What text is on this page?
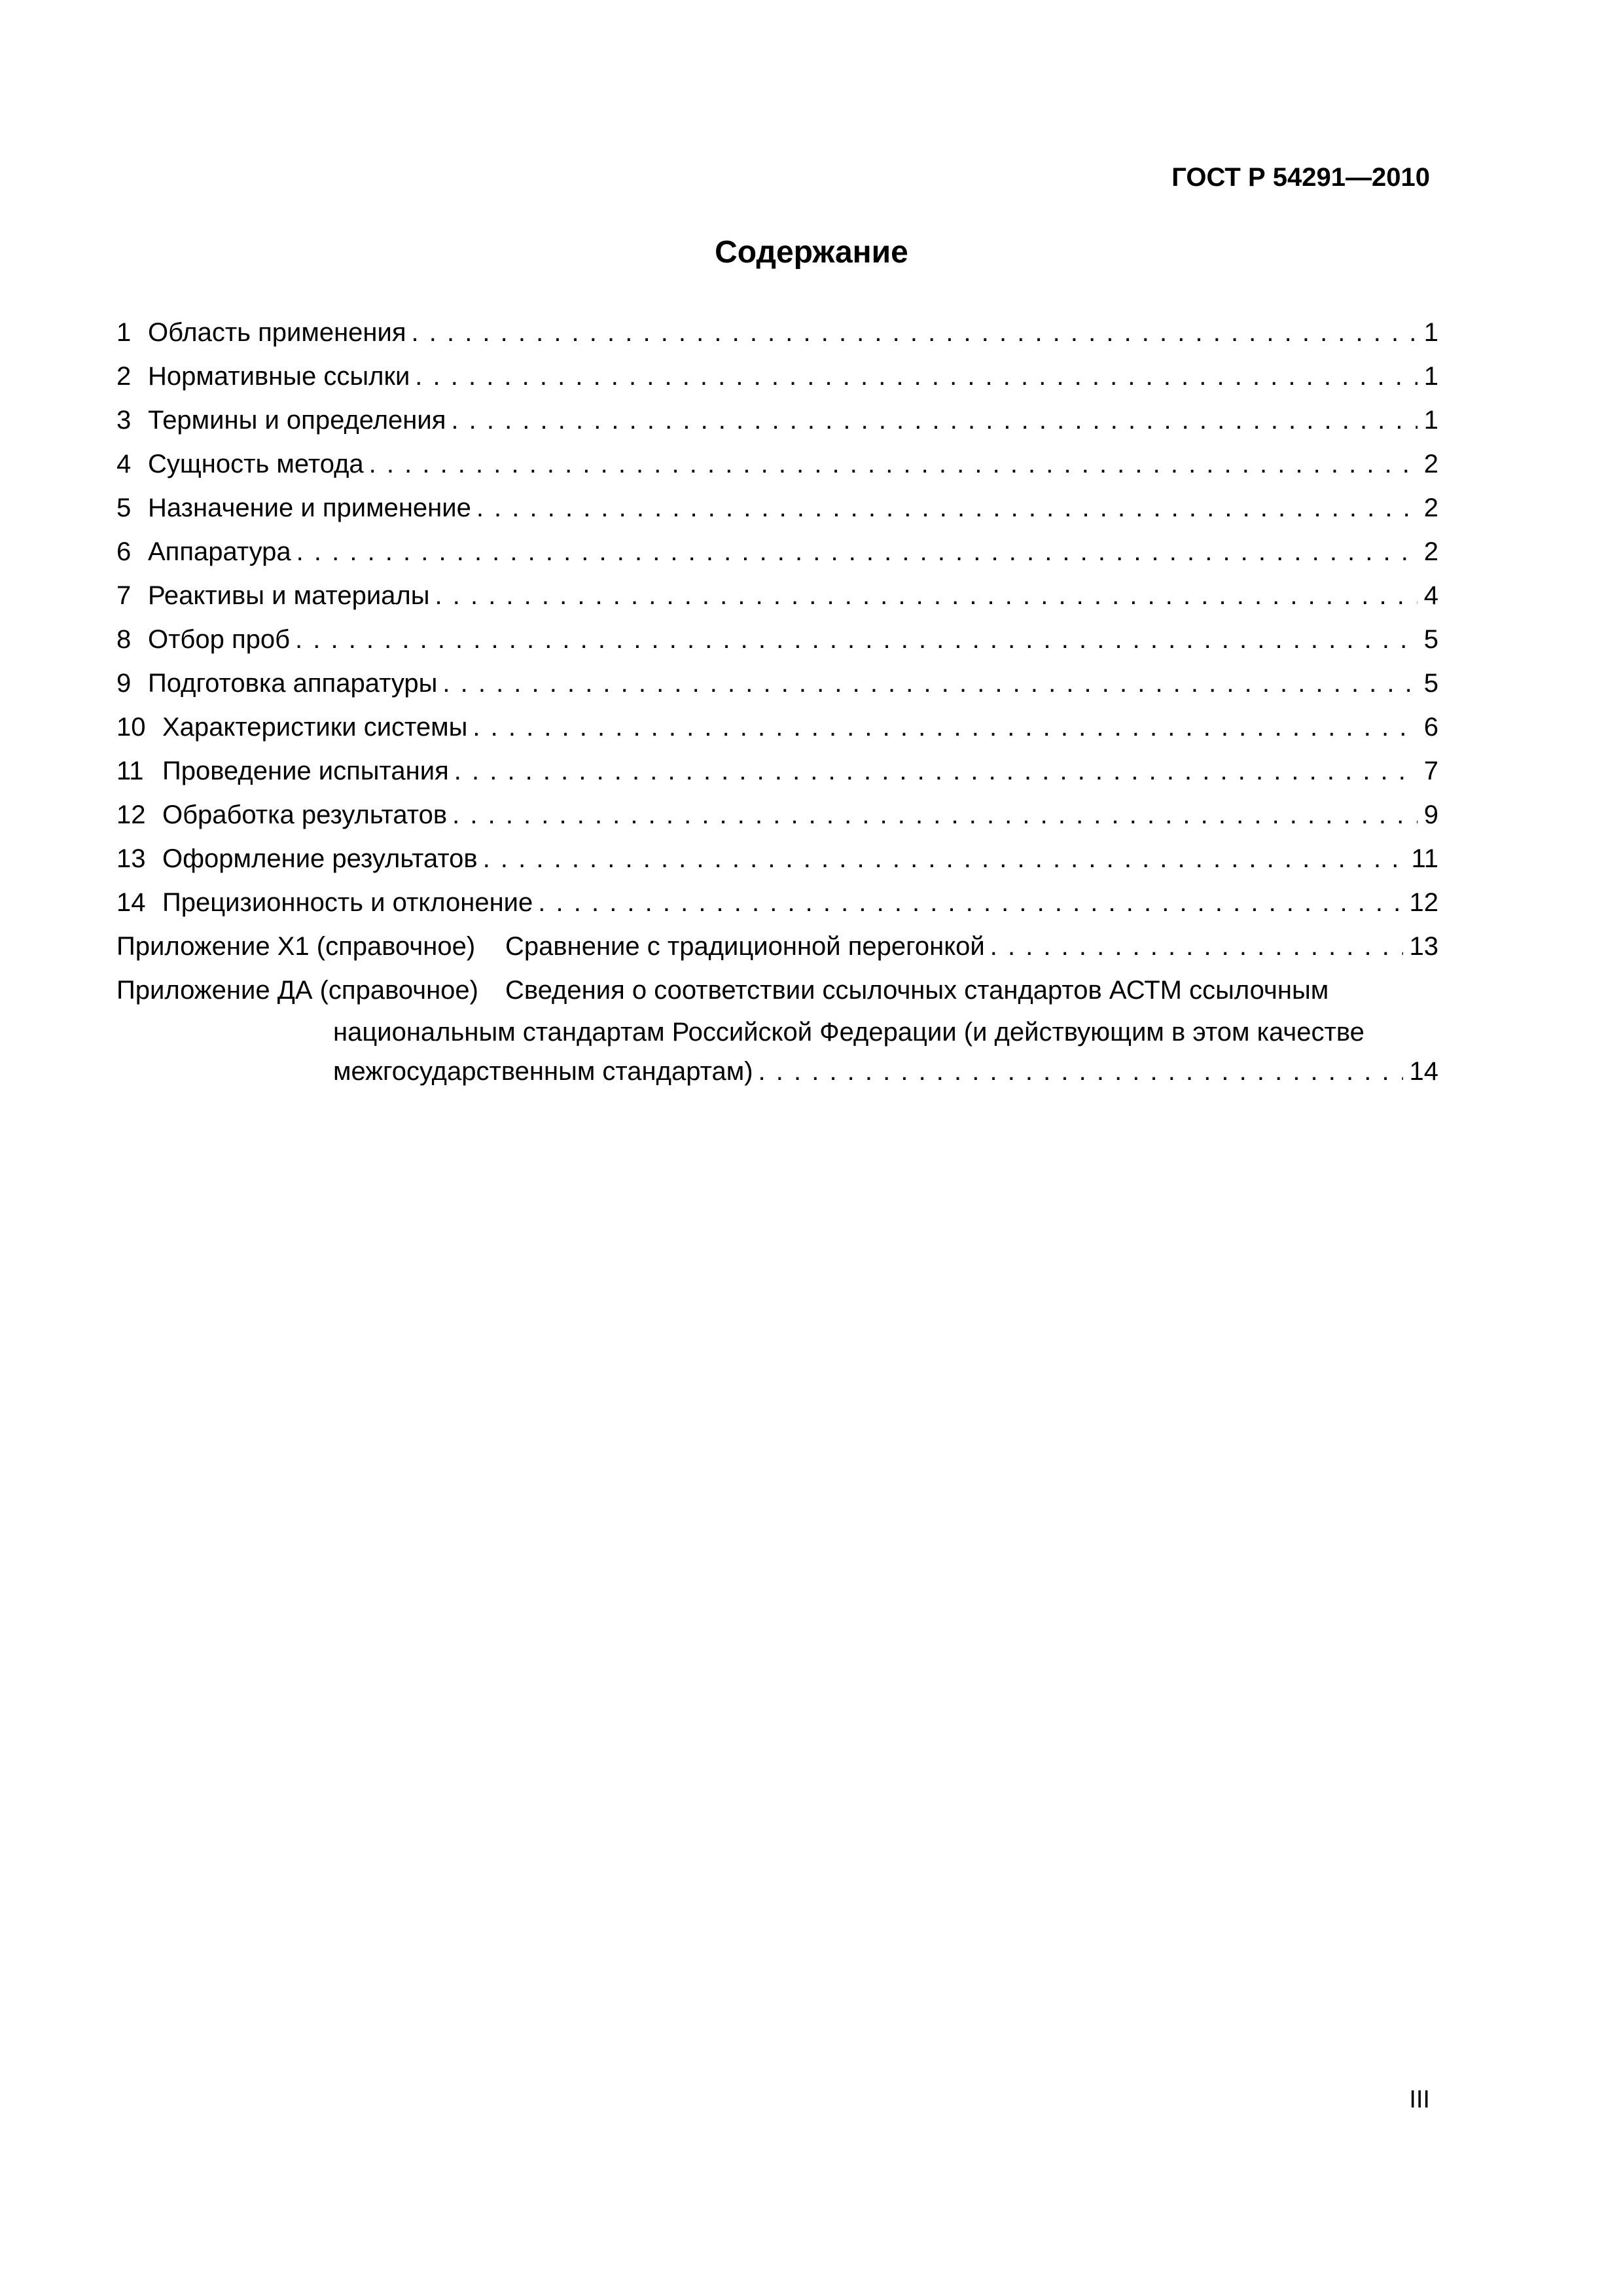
ГОСТ Р 54291—2010
Содержание
1 Область применения . . .	1
2 Нормативные ссылки . . .	1
3 Термины и определения . . .	1
4 Сущность метода . . .	2
5 Назначение и применение . . .	2
6 Аппаратура . . .	2
7 Реактивы и материалы . . .	4
8 Отбор проб . . .	5
9 Подготовка аппаратуры . . .	5
10 Характеристики системы . . .	6
11 Проведение испытания . . .	7
12 Обработка результатов . . .	9
13 Оформление результатов . . .	11
14 Прецизионность и отклонение . . .	12
Приложение Х1 (справочное)	Сравнение с традиционной перегонкой . . .	13
Приложение ДА (справочное) Сведения о соответствии ссылочных стандартов АСТМ ссылочным
национальным стандартам Российской Федерации (и действующим в этом качестве
межгосударственным стандартам) . . .	14
III
